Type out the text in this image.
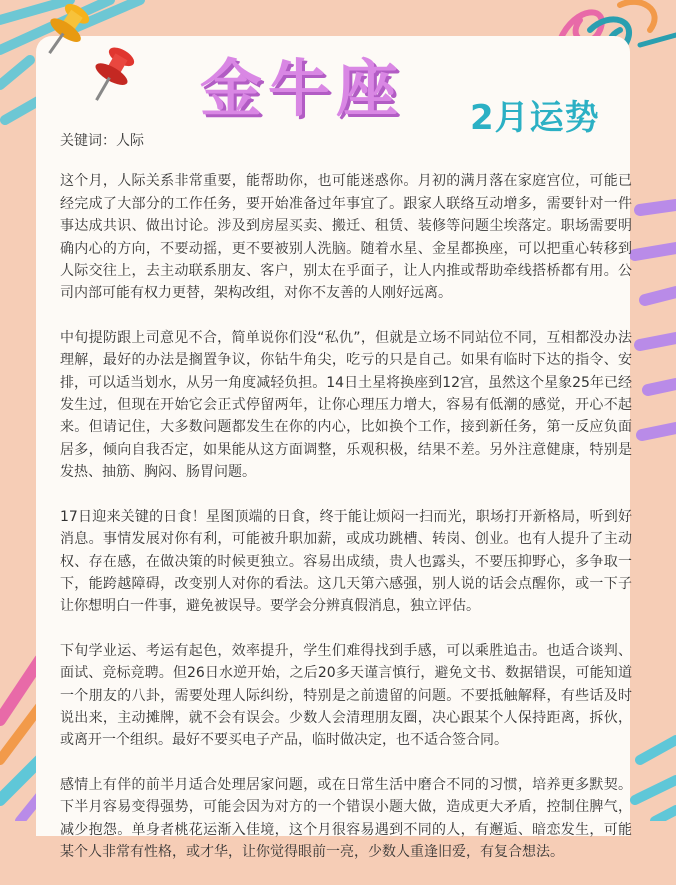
金牛座 2月运势

关键词：人际

这个月，人际关系非常重要，能帮助你，也可能迷惑你。月初的满月落在家庭宫位，可能已经完成了大部分的工作任务，要开始准备过年事宜了。跟家人联络互动增多，需要针对一件事达成共识、做出讨论。涉及到房屋买卖、搬迁、租赁、装修等问题尘埃落定。职场需要明确内心的方向，不要动摇，更不要被别人洗脑。随着水星、金星都换座，可以把重心转移到人际交往上，去主动联系朋友、客户，别太在乎面子，让人内推或帮助牵线搭桥都有用。公司内部可能有权力更替，架构改组，对你不友善的人刚好远离。

中旬提防跟上司意见不合，简单说你们没“私仇”，但就是立场不同站位不同，互相都没办法理解，最好的办法是搁置争议，你钻牛角尖，吃亏的只是自己。如果有临时下达的指令、安排，可以适当划水，从另一角度减轻负担。14日土星将换座到12宫，虽然这个星象25年已经发生过，但现在开始它会正式停留两年，让你心理压力增大，容易有低潮的感觉，开心不起来。但请记住，大多数问题都发生在你的内心，比如换个工作，接到新任务，第一反应负面居多，倾向自我否定，如果能从这方面调整，乐观积极，结果不差。另外注意健康，特别是发热、抽筋、胸闷、肠胃问题。

17日迎来关键的日食！星图顶端的日食，终于能让烦闷一扫而光，职场打开新格局，听到好消息。事情发展对你有利，可能被升职加薪，或成功跳槽、转岗、创业。也有人提升了主动权、存在感，在做决策的时候更独立。容易出成绩，贵人也露头，不要压抑野心，多争取一下，能跨越障碍，改变别人对你的看法。这几天第六感强，别人说的话会点醒你，或一下子让你想明白一件事，避免被误导。要学会分辨真假消息，独立评估。

下旬学业运、考运有起色，效率提升，学生们难得找到手感，可以乘胜追击。也适合谈判、面试、竞标竞聘。但26日水逆开始，之后20多天谨言慎行，避免文书、数据错误，可能知道一个朋友的八卦，需要处理人际纠纷，特别是之前遗留的问题。不要抵触解释，有些话及时说出来，主动摊牌，就不会有误会。少数人会清理朋友圈，决心跟某个人保持距离，拆伙，或离开一个组织。最好不要买电子产品，临时做决定，也不适合签合同。

感情上有伴的前半月适合处理居家问题，或在日常生活中磨合不同的习惯，培养更多默契。下半月容易变得强势，可能会因为对方的一个错误小题大做，造成更大矛盾，控制住脾气，减少抱怨。单身者桃花运渐入佳境，这个月很容易遇到不同的人，有邂逅、暗恋发生，可能某个人非常有性格，或才华，让你觉得眼前一亮，少数人重逢旧爱，有复合想法。
